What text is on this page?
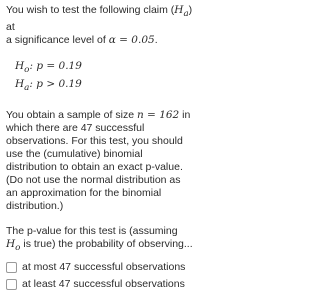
You wish to test the following claim $(H_a)$ at
a significance level of α = 0.05.

$H_o$: p = 0.19
$H_a$: p > 0.19

You obtain a sample of size n = 162 in which there are 47 successful observations. For this test, you should use the (cumulative) binomial distribution to obtain an exact p-value. (Do not use the normal distribution as an approximation for the binomial distribution.)

The p-value for this test is (assuming $H_o$ is true) the probability of observing...

at most 47 successful observations
at least 47 successful observations
